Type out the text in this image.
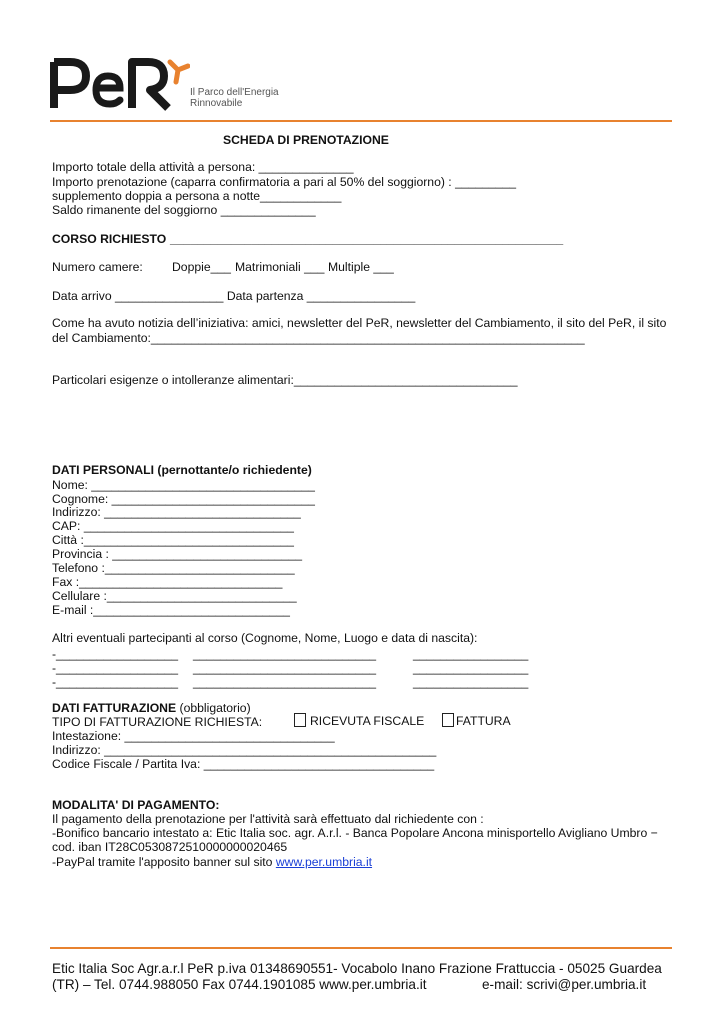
Il Parco dell'Energia
Rinnovabile
SCHEDA DI PRENOTAZIONE
Importo totale della attività a persona: ______________
Importo prenotazione (caparra confirmatoria a pari al 50% del soggiorno) : _________
supplemento doppia a persona a notte____________
Saldo rimanente del soggiorno ______________
CORSO RICHIESTO __________________________________________________________
Numero camere: Doppie___ Matrimoniali ___ Multiple ___
Data arrivo ________________ Data partenza ________________
Come ha avuto notizia dell’iniziativa: amici, newsletter del PeR, newsletter del Cambiamento, il sito del PeR, il sito
del Cambiamento:________________________________________________________________
Particolari esigenze o intolleranze alimentari:_________________________________
DATI PERSONALI (pernottante/o richiedente)
Nome: _________________________________
Cognome: ______________________________
Indirizzo: _____________________________
CAP: _______________________________
Città :_______________________________
Provincia : ____________________________
Telefono :____________________________
Fax :______________________________
Cellulare :____________________________
E-mail :_____________________________
Altri eventuali partecipanti al corso (Cognome, Nome, Luogo e data di nascita):
-__________________ ___________________________	_________________
-__________________ ___________________________	_________________
-__________________ ___________________________	_________________
DATI FATTURAZIONE (obbligatorio)
TIPO DI FATTURAZIONE RICHIESTA:	RICEVUTA FISCALE	FATTURA
Intestazione: _______________________________
Indirizzo: _________________________________________________
Codice Fiscale / Partita Iva: __________________________________
MODALITA' DI PAGAMENTO:
Il pagamento della prenotazione per l'attività sarà effettuato dal richiedente con :
-Bonifico bancario intestato a: Etic Italia soc. agr. A.r.l. - Banca Popolare Ancona minisportello Avigliano Umbro −
cod. iban IT28C0530872510000000020465
-PayPal tramite l'apposito banner sul sito www.per.umbria.it
Etic Italia Soc Agr.a.r.l PeR p.iva 01348690551- Vocabolo Inano Frazione Frattuccia - 05025 Guardea
(TR) – Tel. 0744.988050 Fax 0744.1901085 www.per.umbria.it	e-mail: scrivi@per.umbria.it
